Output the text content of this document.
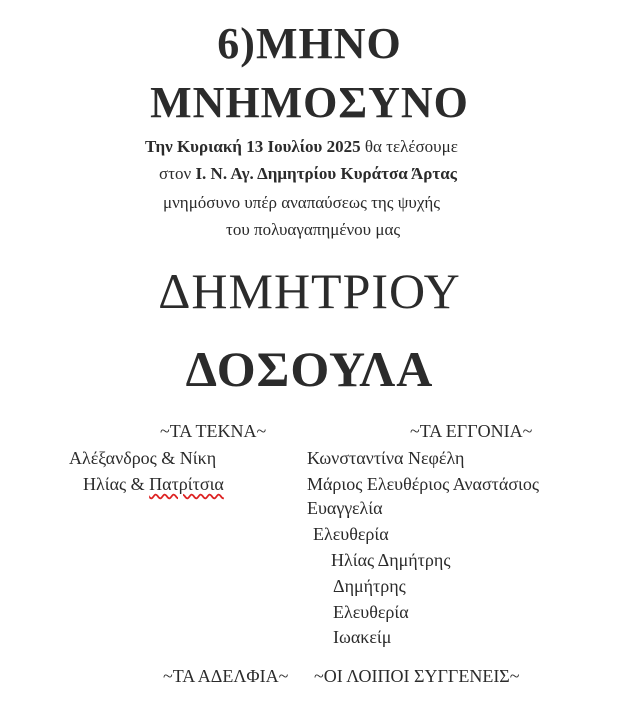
6)ΜΗΝΟ
ΜΝΗΜΟΣΥΝΟ
Την Κυριακή 13 Ιουλίου 2025 θα τελέσουμε
στον Ι. Ν. Αγ. Δημητρίου Κυράτσα Άρτας
μνημόσυνο υπέρ αναπαύσεως της ψυχής
του πολυαγαπημένου μας
ΔΗΜΗΤΡΙΟΥ
ΔΟΣΟΥΛΑ
~ΤΑ ΤΕΚΝΑ~
Αλέξανδρος & Νίκη
Ηλίας & Πατρίτσια
~ΤΑ ΕΓΓΟΝΙΑ~
Κωνσταντίνα Νεφέλη
Μάριος Ελευθέριος Αναστάσιος
Ευαγγελία
Ελευθερία
Ηλίας Δημήτρης
Δημήτρης
Ελευθερία
Ιωακείμ
~ΤΑ ΑΔΕΛΦΙΑ~ ~ΟΙ ΛΟΙΠΟΙ ΣΥΓΓΕΝΕΙΣ~
